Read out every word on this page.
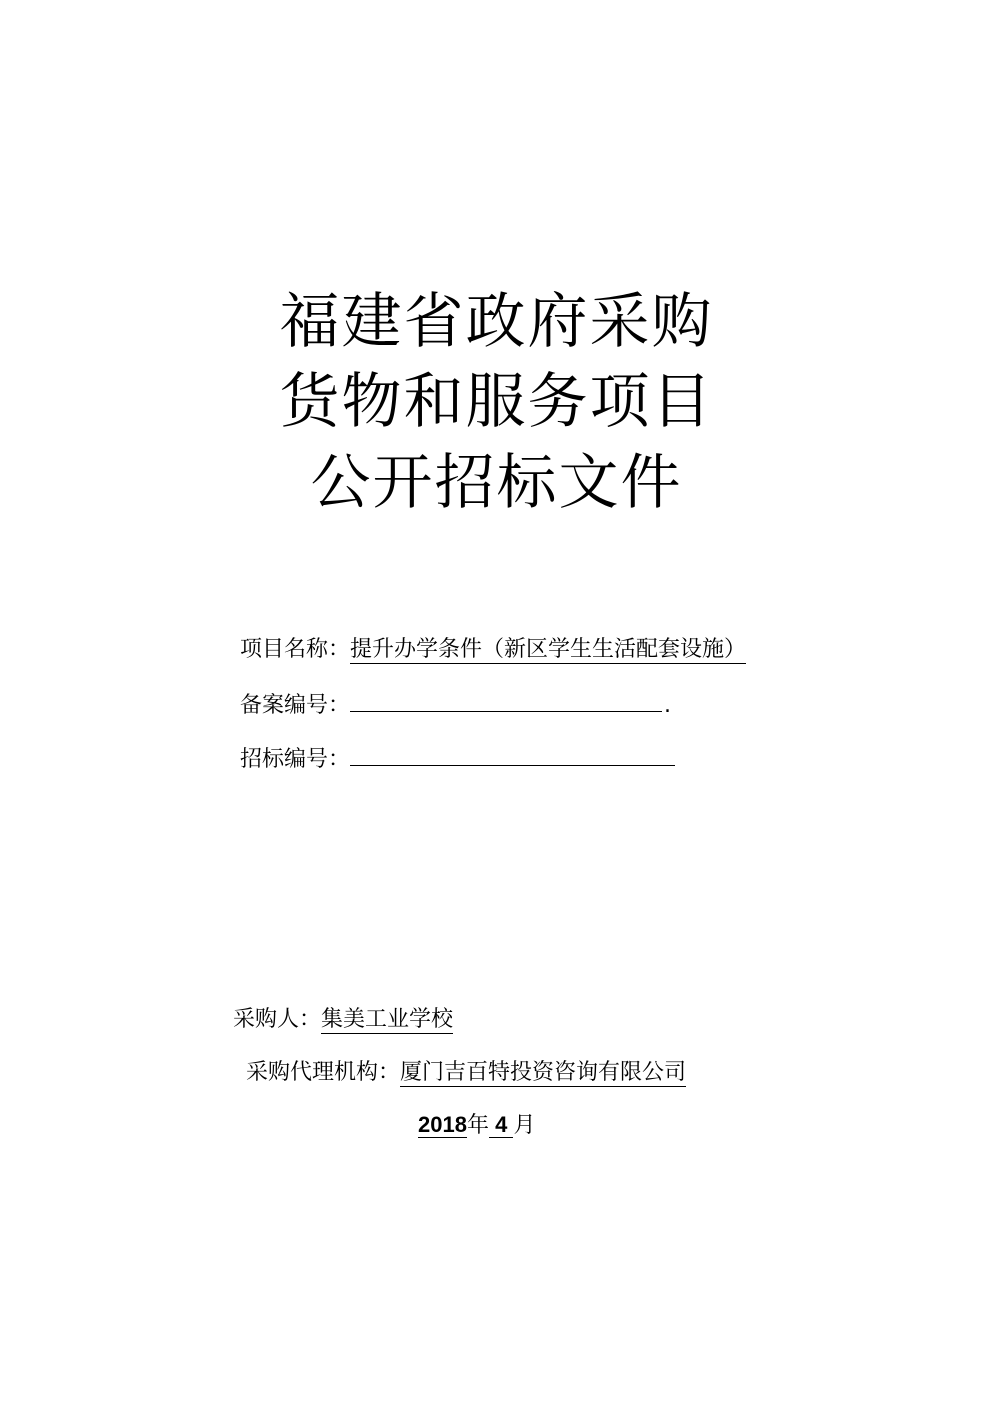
福建省政府采购
货物和服务项目
公开招标文件
项目名称：提升办学条件（新区学生生活配套设施）
备案编号：	.
招标编号：
采购人：集美工业学校
采购代理机构：厦门吉百特投资咨询有限公司
2018年 4 月
